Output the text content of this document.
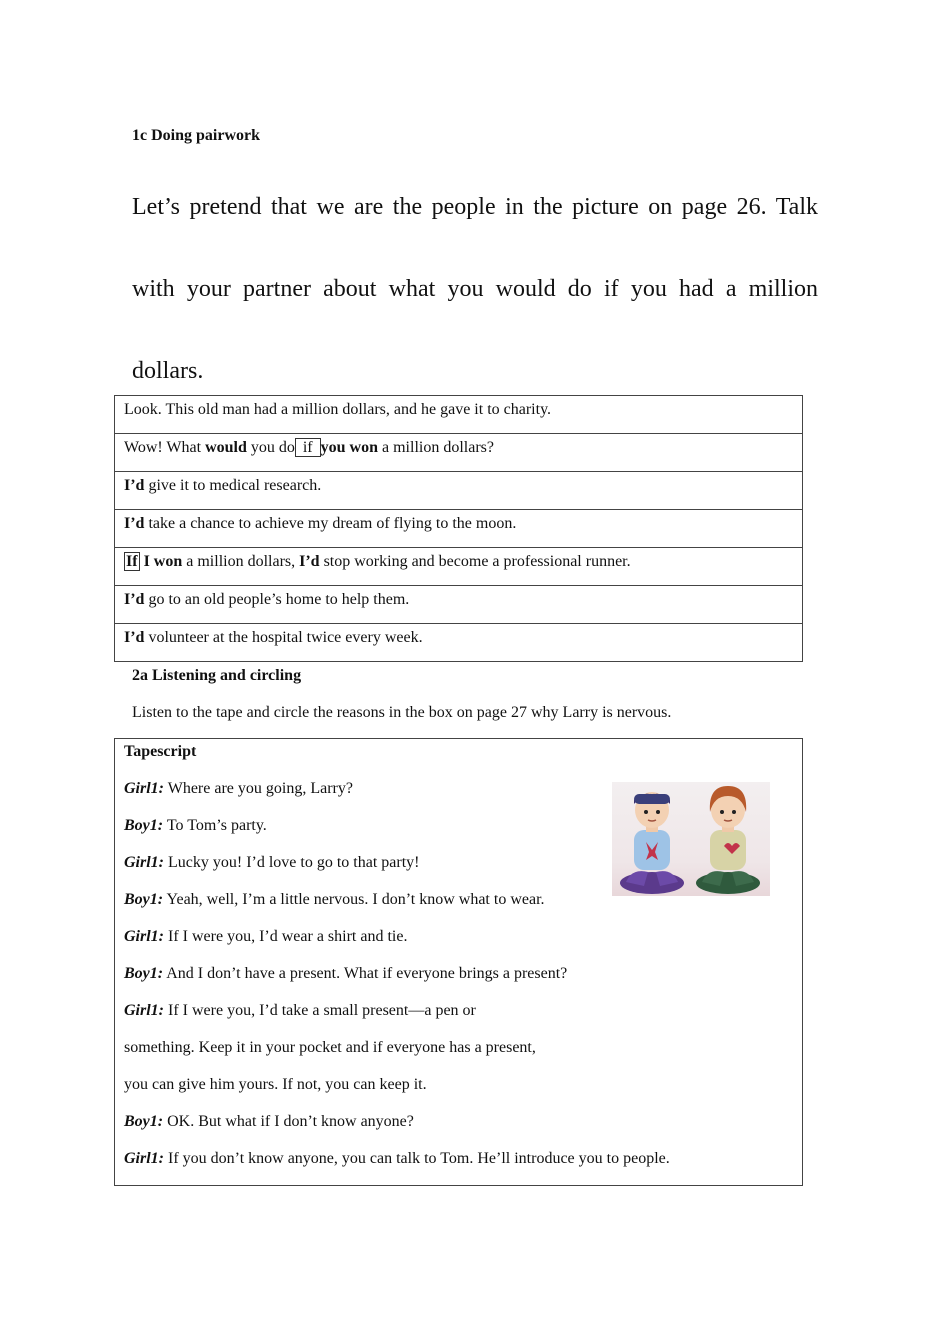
1c Doing pairwork
Let’s pretend that we are the people in the picture on page 26. Talk with your partner about what you would do if you had a million dollars.
Look. This old man had a million dollars, and he gave it to charity.

Wow! What would you do if you won a million dollars?

I’d give it to medical research.

I’d take a chance to achieve my dream of flying to the moon.

If I won a million dollars, I’d stop working and become a professional runner.

I’d go to an old people’s home to help them.

I’d volunteer at the hospital twice every week.
2a Listening and circling
Listen to the tape and circle the reasons in the box on page 27 why Larry is nervous.
Tapescript
Girl1: Where are you going, Larry?
Boy1: To Tom’s party.
Girl1: Lucky you! I’d love to go to that party!
Boy1: Yeah, well, I’m a little nervous. I don’t know what to wear.
Girl1: If I were you, I’d wear a shirt and tie.
Boy1: And I don’t have a present. What if everyone brings a present?
Girl1: If I were you, I’d take a small present—a pen or
something. Keep it in your pocket and if everyone has a present,
you can give him yours. If not, you can keep it.
Boy1: OK. But what if I don’t know anyone?
Girl1: If you don’t know anyone, you can talk to Tom. He’ll introduce you to people.
